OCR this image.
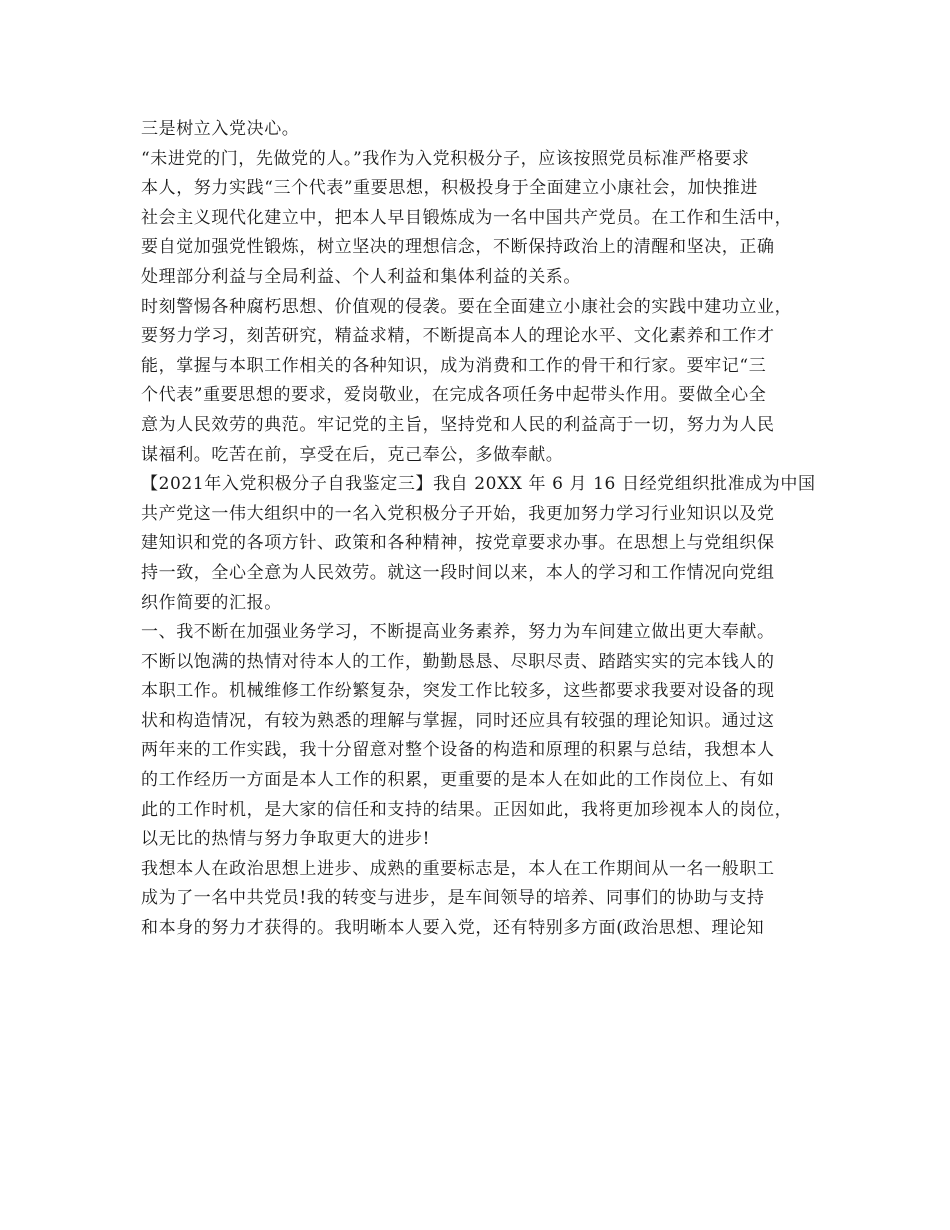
三是树立入党决心。
“未进党的门，先做党的人。”我作为入党积极分子，应该按照党员标准严格要求
本人，努力实践“三个代表”重要思想，积极投身于全面建立小康社会，加快推进
社会主义现代化建立中，把本人早目锻炼成为一名中国共产党员。在工作和生活中，
要自觉加强党性锻炼，树立坚决的理想信念，不断保持政治上的清醒和坚决，正确
处理部分利益与全局利益、个人利益和集体利益的关系。
时刻警惕各种腐朽思想、价值观的侵袭。要在全面建立小康社会的实践中建功立业，
要努力学习，刻苦研究，精益求精，不断提高本人的理论水平、文化素养和工作才
能，掌握与本职工作相关的各种知识，成为消费和工作的骨干和行家。要牢记“三
个代表”重要思想的要求，爱岗敬业，在完成各项任务中起带头作用。要做全心全
意为人民效劳的典范。牢记党的主旨，坚持党和人民的利益高于一切，努力为人民
谋福利。吃苦在前，享受在后，克己奉公，多做奉献。
【2021年入党积极分子自我鉴定三】我自 20XX 年 6 月 16 日经党组织批准成为中国
共产党这一伟大组织中的一名入党积极分子开始，我更加努力学习行业知识以及党
建知识和党的各项方针、政策和各种精神，按党章要求办事。在思想上与党组织保
持一致，全心全意为人民效劳。就这一段时间以来，本人的学习和工作情况向党组
织作简要的汇报。
一、我不断在加强业务学习，不断提高业务素养，努力为车间建立做出更大奉献。
不断以饱满的热情对待本人的工作，勤勤恳恳、尽职尽责、踏踏实实的完本钱人的
本职工作。机械维修工作纷繁复杂，突发工作比较多，这些都要求我要对设备的现
状和构造情况，有较为熟悉的理解与掌握，同时还应具有较强的理论知识。通过这
两年来的工作实践，我十分留意对整个设备的构造和原理的积累与总结，我想本人
的工作经历一方面是本人工作的积累，更重要的是本人在如此的工作岗位上、有如
此的工作时机，是大家的信任和支持的结果。正因如此，我将更加珍视本人的岗位，
以无比的热情与努力争取更大的进步!
我想本人在政治思想上进步、成熟的重要标志是，本人在工作期间从一名一般职工
成为了一名中共党员!我的转变与进步，是车间领导的培养、同事们的协助与支持
和本身的努力才获得的。我明晰本人要入党，还有特别多方面(政治思想、理论知
